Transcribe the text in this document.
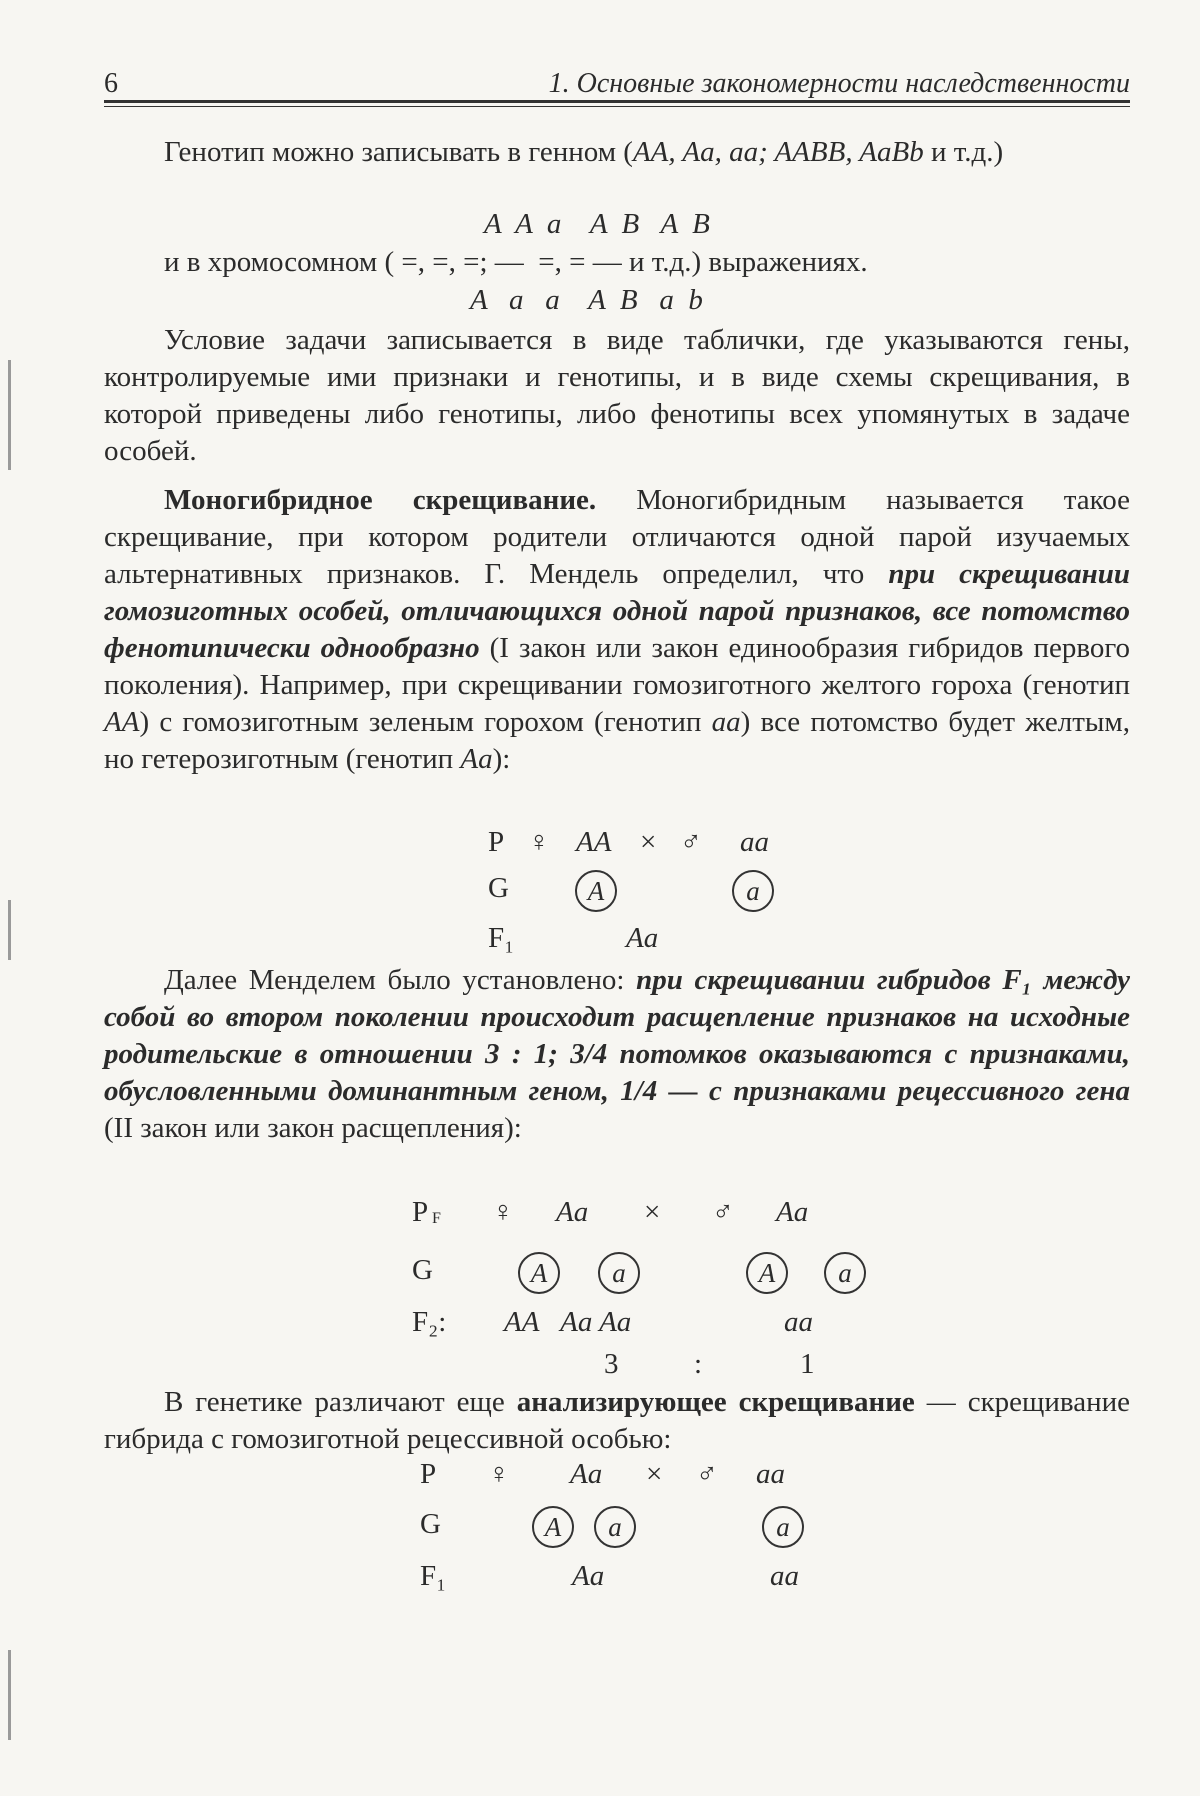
6	1. Основные закономерности наследственности
Генотип можно записывать в генном (AA, Aa, aa; AABB, AaBb и т.д.)
A  A  a    A  B   A  B
и в хромосомном ( =, =, =; —  =, = — и т.д.) выражениях.
A   a   a    A  B   a  b
Условие задачи записывается в виде таблички, где указываются гены, контролируемые ими признаки и генотипы, и в виде схемы скрещивания, в которой приведены либо генотипы, либо фенотипы всех упомянутых в задаче особей.
Моногибридное скрещивание. Моногибридным называется такое скрещивание, при котором родители отличаются одной парой изучаемых альтернативных признаков. Г. Мендель определил, что при скрещивании гомозиготных особей, отличающихся одной парой признаков, все потомство фенотипически однообразно (I закон или закон единообразия гибридов первого поколения). Например, при скрещивании гомозиготного желтого гороха (генотип AA) с гомозиготным зеленым горохом (генотип aa) все потомство будет желтым, но гетерозиготным (генотип Aa):
P ♀ AA × ♂ aa
G	A	a
F₁	Aa
Далее Менделем было установлено: при скрещивании гибридов F₁ между собой во втором поколении происходит расщепление признаков на исходные родительские в отношении 3 : 1; 3/4 потомков оказываются с признаками, обусловленными доминантным геном, 1/4 — с признаками рецессивного гена (II закон или закон расщепления):
P F ♀ Aa × ♂ Aa
G	A	a	A	a
F₂: AA   Aa Aa	aa
3	:	1
В генетике различают еще анализирующее скрещивание — скрещивание гибрида с гомозиготной рецессивной особью:
P ♀ Aa × ♂ aa
G	A	a	a
F₁	Aa	aa
